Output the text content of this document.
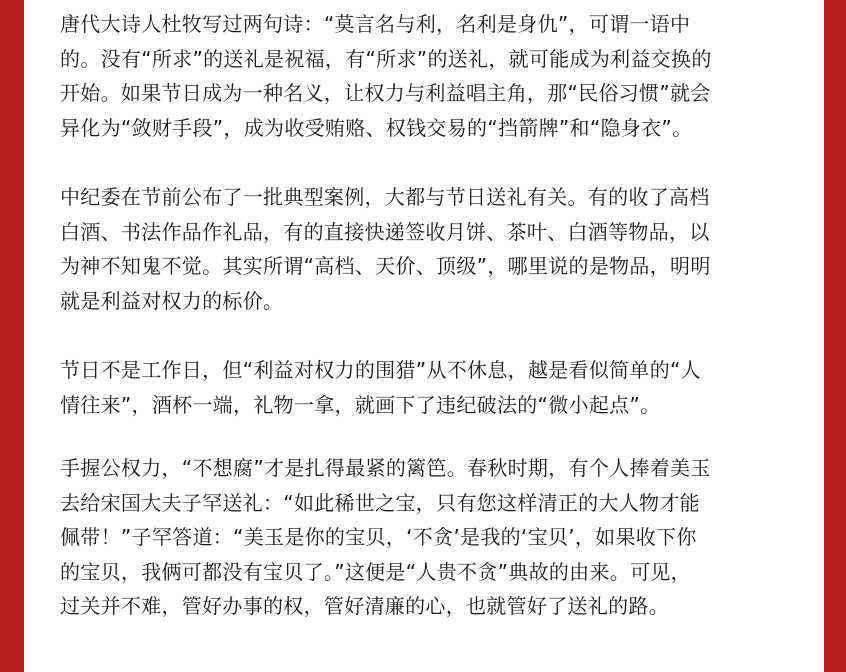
唐代大诗人杜牧写过两句诗：“莫言名与利，名利是身仇”，可谓一语中
的。没有“所求”的送礼是祝福，有“所求”的送礼，就可能成为利益交换的
开始。如果节日成为一种名义，让权力与利益唱主角，那“民俗习惯”就会
异化为“敛财手段”，成为收受贿赂、权钱交易的“挡箭牌”和“隐身衣”。

中纪委在节前公布了一批典型案例，大都与节日送礼有关。有的收了高档
白酒、书法作品作礼品，有的直接快递签收月饼、茶叶、白酒等物品，以
为神不知鬼不觉。其实所谓“高档、天价、顶级”，哪里说的是物品，明明
就是利益对权力的标价。

节日不是工作日，但“利益对权力的围猎”从不休息，越是看似简单的“人
情往来”，酒杯一端，礼物一拿，就画下了违纪破法的“微小起点”。

手握公权力，“不想腐”才是扎得最紧的篱笆。春秋时期，有个人捧着美玉
去给宋国大夫子罕送礼：“如此稀世之宝，只有您这样清正的大人物才能
佩带！”子罕答道：“美玉是你的宝贝，‘不贪’是我的‘宝贝’，如果收下你
的宝贝，我俩可都没有宝贝了。”这便是“人贵不贪”典故的由来。可见，
过关并不难，管好办事的权，管好清廉的心，也就管好了送礼的路。
